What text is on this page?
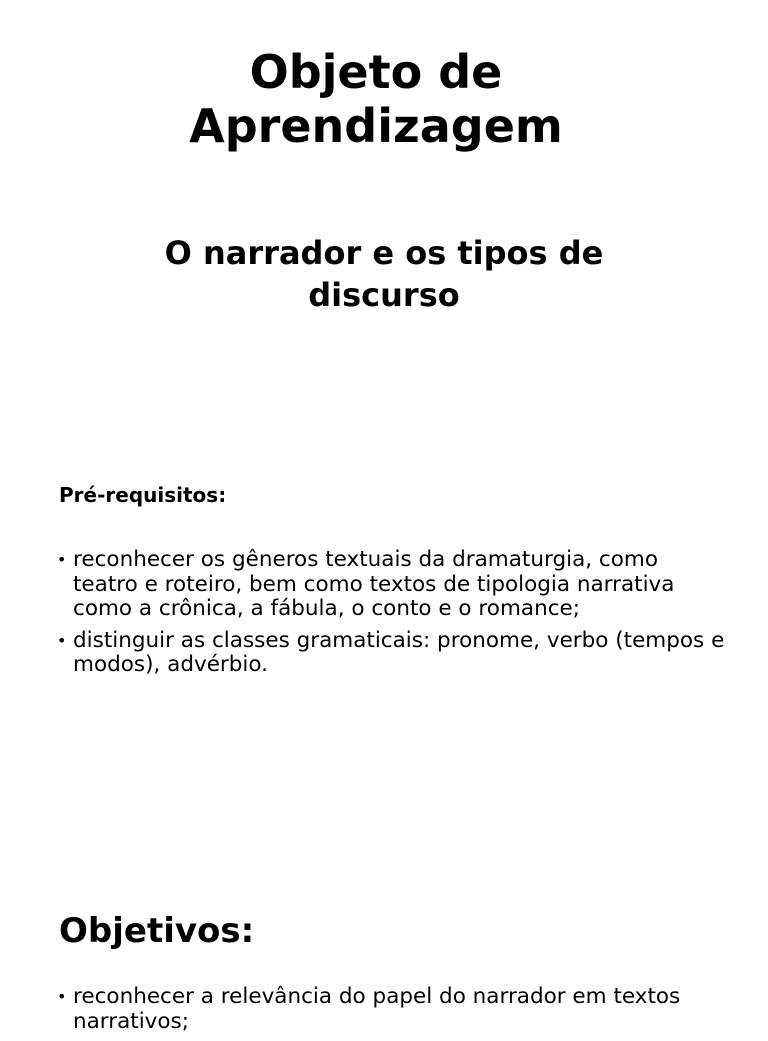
Objeto de
Aprendizagem
O narrador e os tipos de
discurso
Pré-requisitos:
• reconhecer os gêneros textuais da dramaturgia, como teatro e roteiro, bem como textos de tipologia narrativa como a crônica, a fábula, o conto e o romance;
• distinguir as classes gramaticais: pronome, verbo (tempos e modos), advérbio.
Objetivos:
• reconhecer a relevância do papel do narrador em textos narrativos;
